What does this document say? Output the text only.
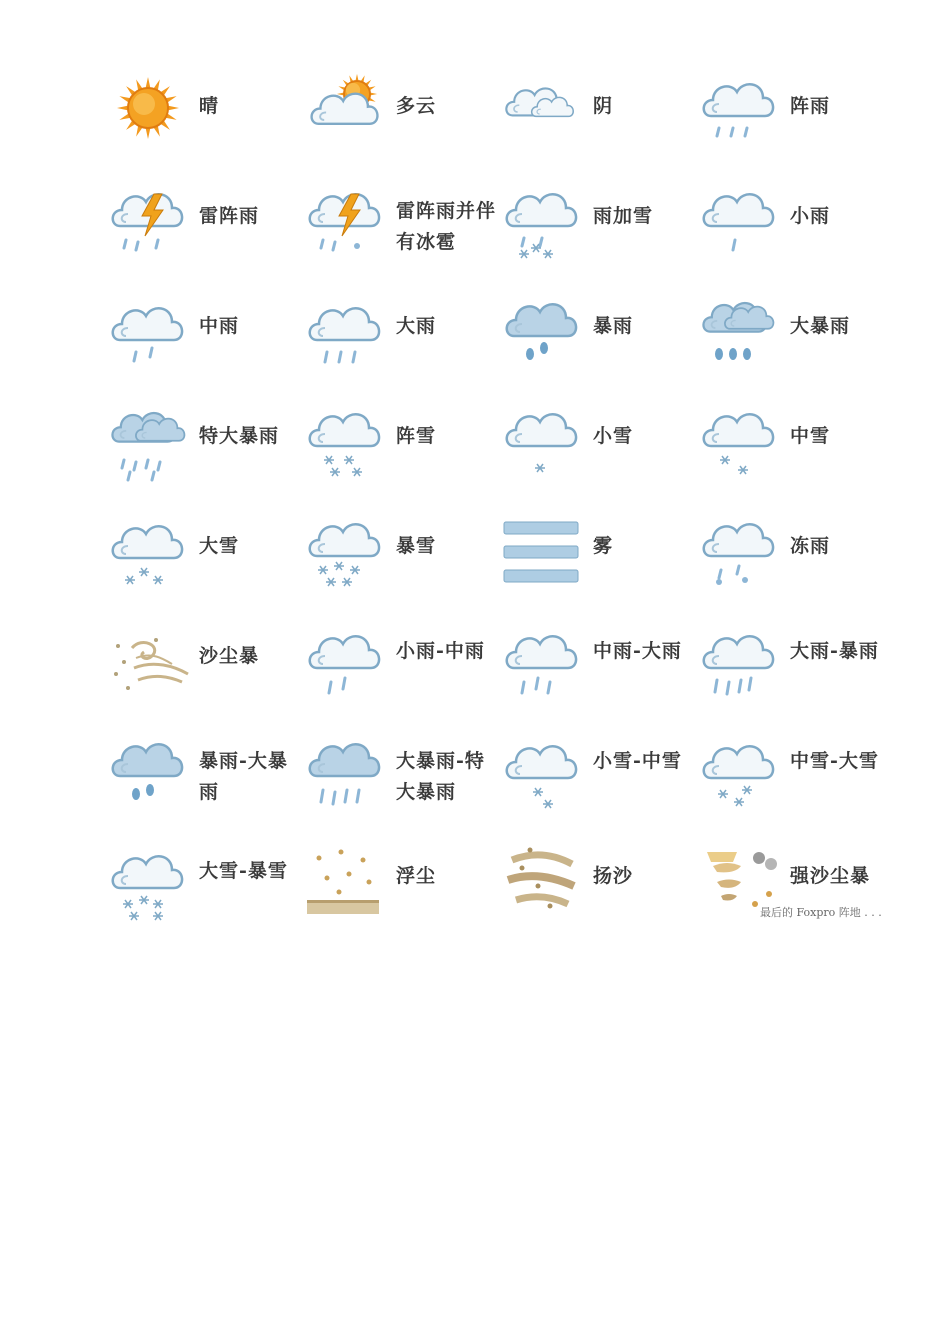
晴	多云	阴	阵雨
雷阵雨	雷阵雨并伴有冰雹
雨加雪	小雨
中雨	大雨	暴雨	大暴雨
特大暴雨	阵雪	小雪	中雪
大雪	暴雪	雾	冻雨
沙尘暴	小雨-中雨	中雨-大雨	大雨-暴雨
暴雨-大暴雨
大暴雨-特大暴雨
小雪-中雪	中雪-大雪
大雪-暴雪	浮尘	扬沙	强沙尘暴
最后的 Foxpro 阵地 . . .
